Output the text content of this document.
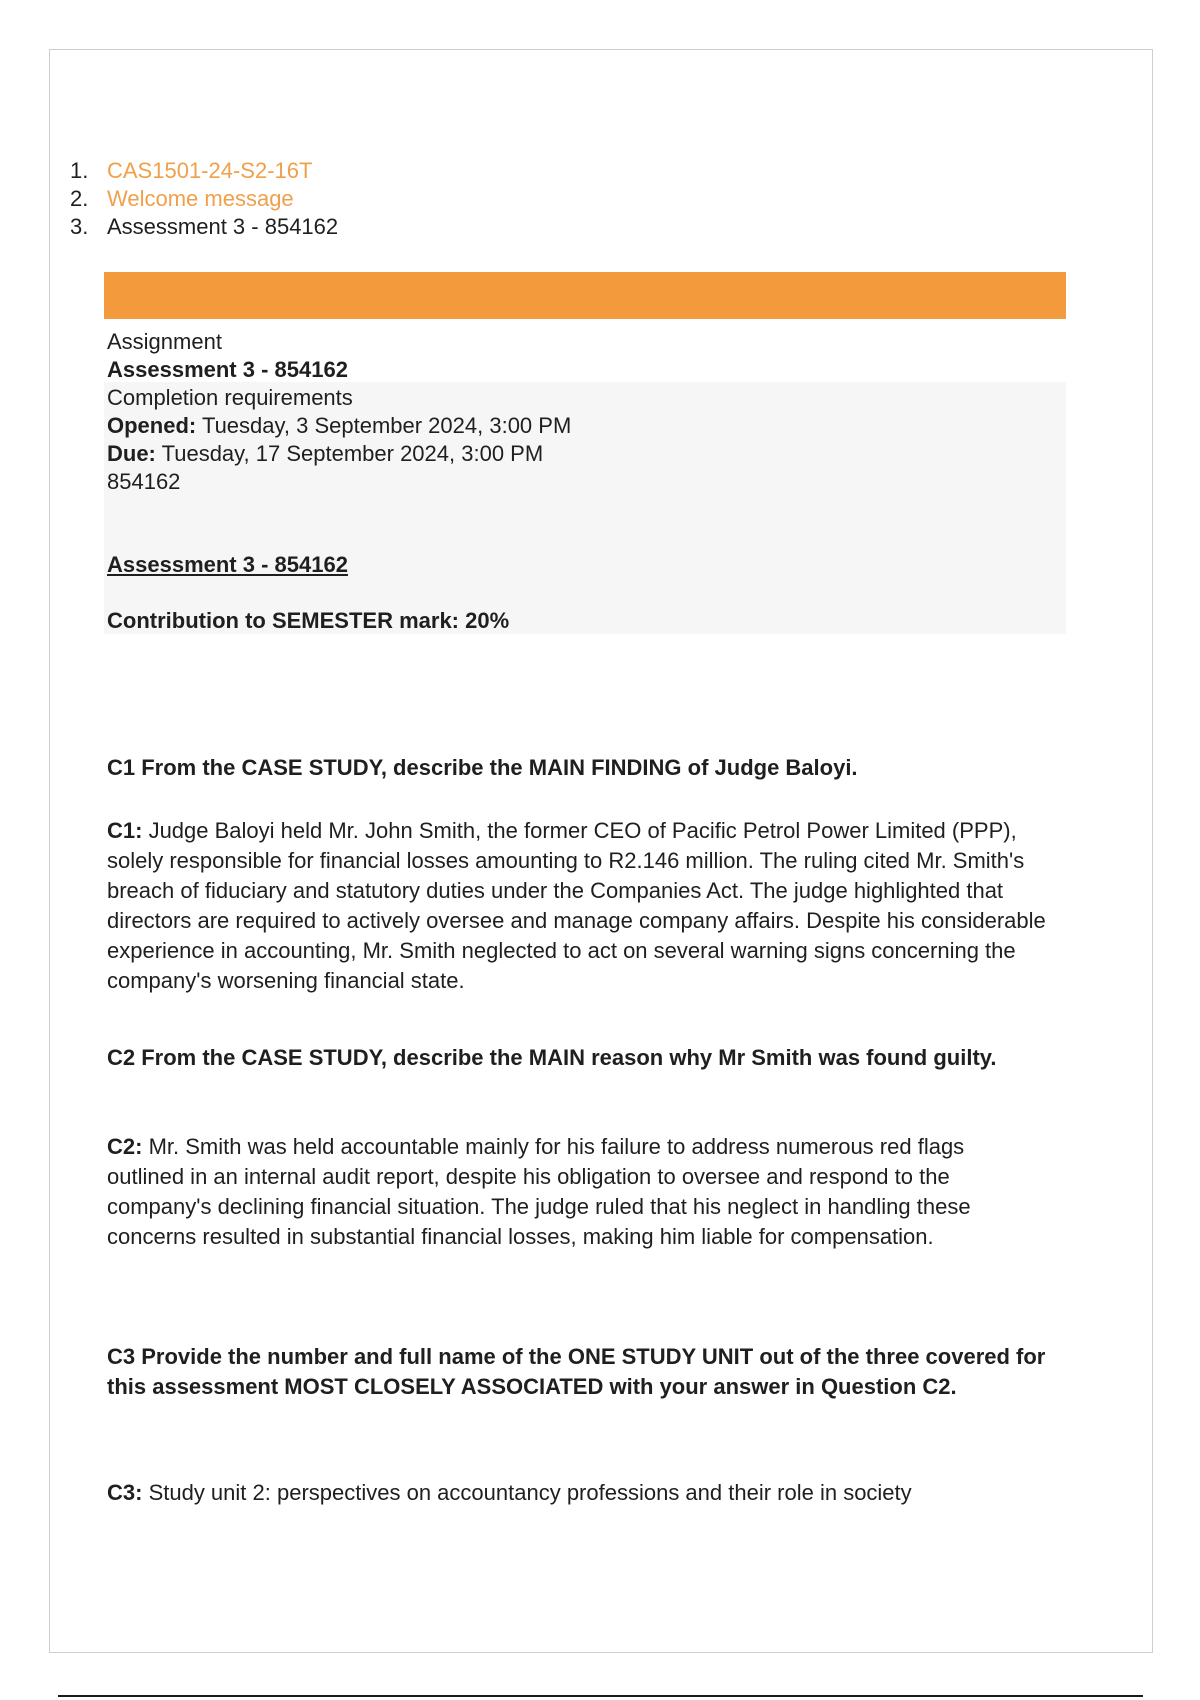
1. CAS1501-24-S2-16T
2. Welcome message
3. Assessment 3 - 854162

Assignment

Assessment 3 - 854162

Completion requirements

Opened: Tuesday, 3 September 2024, 3:00 PM

Due: Tuesday, 17 September 2024, 3:00 PM

854162

Assessment 3 - 854162

Contribution to SEMESTER mark: 20%

C1 From the CASE STUDY, describe the MAIN FINDING of Judge Baloyi.

C1: Judge Baloyi held Mr. John Smith, the former CEO of Pacific Petrol Power Limited (PPP), solely responsible for financial losses amounting to R2.146 million. The ruling cited Mr. Smith's breach of fiduciary and statutory duties under the Companies Act. The judge highlighted that directors are required to actively oversee and manage company affairs. Despite his considerable experience in accounting, Mr. Smith neglected to act on several warning signs concerning the company's worsening financial state.

C2 From the CASE STUDY, describe the MAIN reason why Mr Smith was found guilty.

C2: Mr. Smith was held accountable mainly for his failure to address numerous red flags outlined in an internal audit report, despite his obligation to oversee and respond to the company's declining financial situation. The judge ruled that his neglect in handling these concerns resulted in substantial financial losses, making him liable for compensation.

C3 Provide the number and full name of the ONE STUDY UNIT out of the three covered for this assessment MOST CLOSELY ASSOCIATED with your answer in Question C2.

C3: Study unit 2: perspectives on accountancy professions and their role in society
